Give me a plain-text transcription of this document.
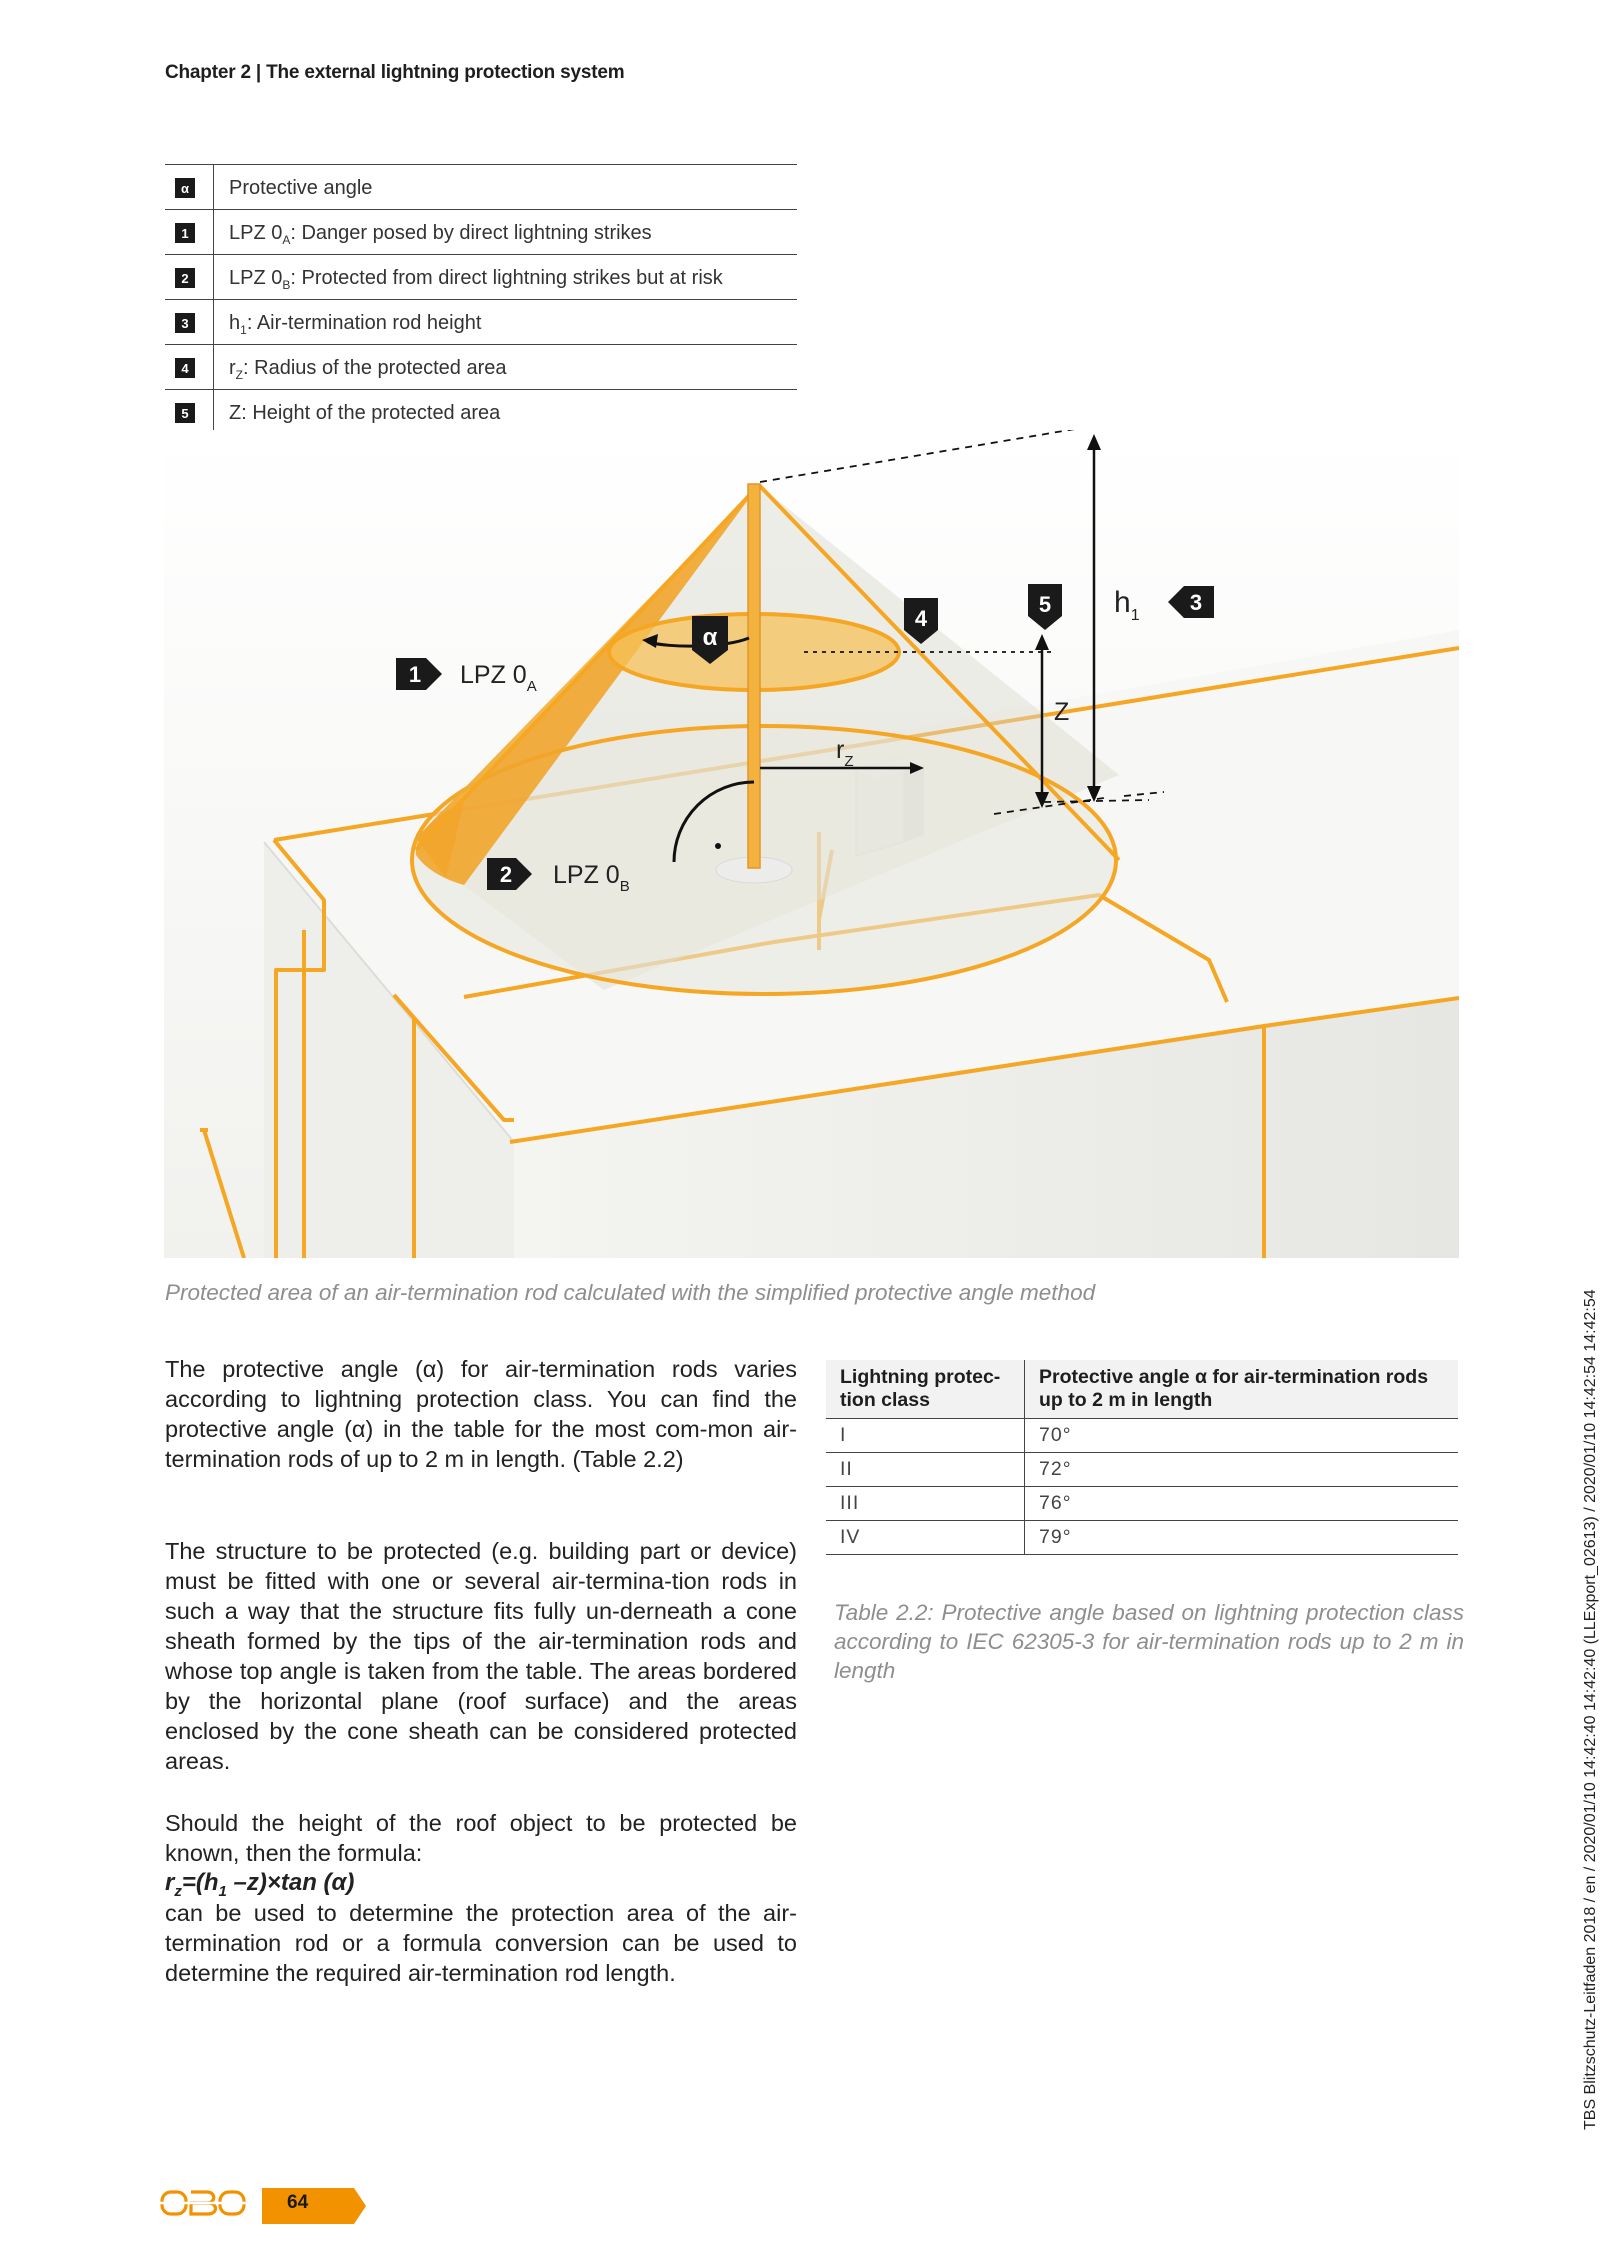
Chapter 2 | The external lightning protection system
α	Protective angle
1	LPZ $0_A$: Danger posed by direct lightning strikes
2	LPZ $0_B$: Protected from direct lightning strikes but at risk
3	$h_1$: Air-termination rod height
4	$r_Z$: Radius of the protected area
5	Z: Height of the protected area
α
1 LPZ $0_A$
2 LPZ $0_B$
4
5 $h_1$
3
Z
$r_Z$
Protected area of an air-termination rod calculated with the simplified protective angle method
The protective angle (α) for air-termination rods varies according to lightning protection class. You can find the protective angle (α) in the table for the most com-mon air-termination rods of up to 2 m in length. (Table 2.2)
The structure to be protected (e.g. building part or device) must be fitted with one or several air-termina-tion rods in such a way that the structure fits fully un-derneath a cone sheath formed by the tips of the air-termination rods and whose top angle is taken from the table. The areas bordered by the horizontal plane (roof surface) and the areas enclosed by the cone sheath can be considered protected areas.
Should the height of the roof object to be protected be known, then the formula:
$r_z=(h_1$ –z)×tan (α)
can be used to determine the protection area of the air-termination rod or a formula conversion can be used to determine the required air-termination rod length.
Lightning protec-tion class	Protective angle α for air-termination rods up to 2 m in length
I	70°
II	72°
III	76°
IV	79°
Table 2.2: Protective angle based on lightning protection class according to IEC 62305-3 for air-termination rods up to 2 m in length	TBS Blitzschutz-Leitfaden 2018 / en / 2020/01/10 14:42:40 14:42:40 (LLExport_02613) / 2020/01/10 14:42:54 14:42:54
64
